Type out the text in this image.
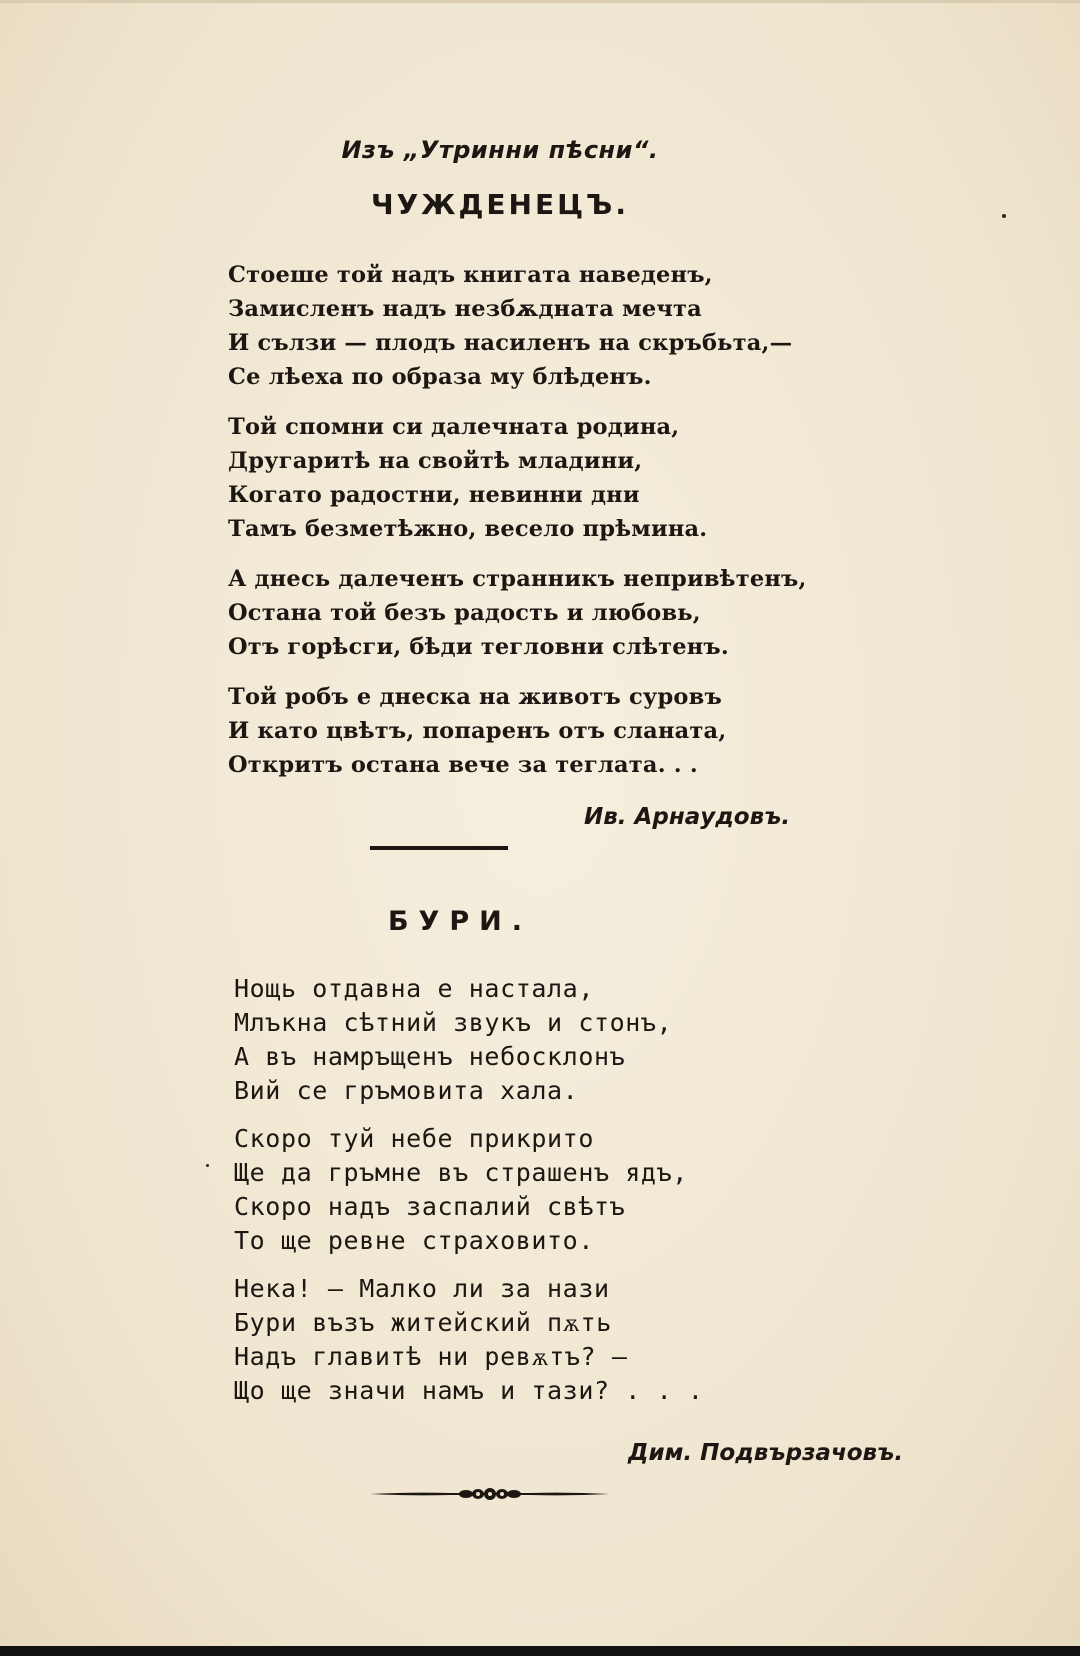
Изъ „Утринни пѣсни“.
ЧУЖДЕНЕЦЪ.
Стоеше той надъ книгата наведенъ,
Замисленъ надъ незбѫдната мечта
И сълзи — плодъ насиленъ на скръбьта,—
Се лѣеха по образа му блѣденъ.
Той спомни си далечната родина,
Другаритѣ на свойтѣ младини,
Когато радостни, невинни дни
Тамъ безметѣжно, весело прѣмина.
А днесь далеченъ странникъ непривѣтенъ,
Остана той безъ радость и любовь,
Отъ горѣсги, бѣди тегловни слѣтенъ.
Той робъ е днеска на животъ суровъ
И като цвѣтъ, попаренъ отъ сланата,
Откритъ остана вече за теглата. . .
Ив. Арнаудовъ.
БУРИ.
Нощь отдавна е настала,
Млъкна сѣтний звукъ и стонъ,
А въ намръщенъ небосклонъ
Вий се гръмовита хала.
Скоро туй небе прикрито
Ще да гръмне въ страшенъ ядъ,
Скоро надъ заспалий свѣтъ
То ще ревне страховито.
Нека! — Малко ли за нази
Бури възъ житейский пѫть
Надъ главитѣ ни ревѫтъ? —
Що ще значи намъ и тази? . . .
Дим. Подвързачовъ.
